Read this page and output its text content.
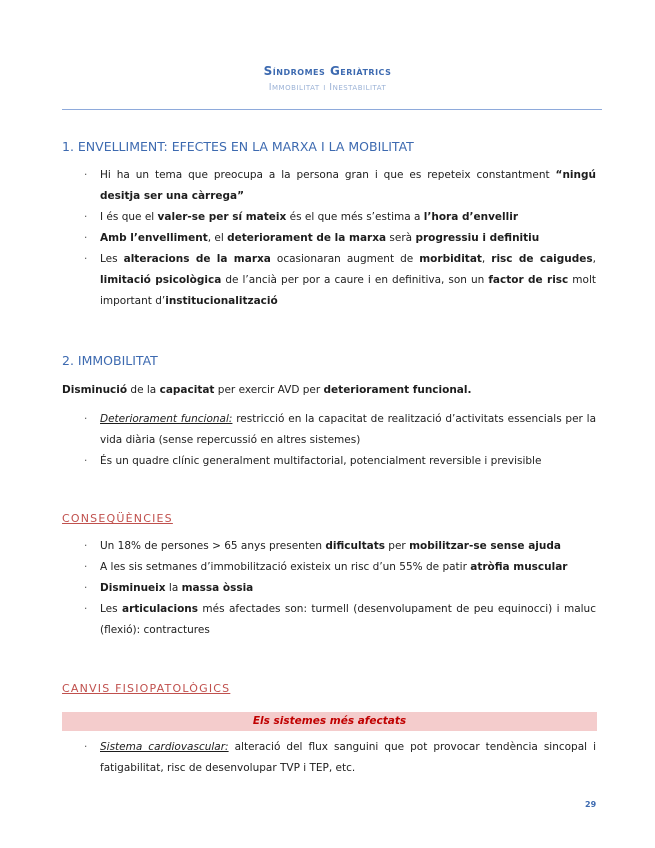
Síndromes Geriàtrics
Immobilitat i Inestabilitat
1. ENVELLIMENT: EFECTES EN LA MARXA I LA MOBILITAT
· Hi ha un tema que preocupa a la persona gran i que es repeteix constantment “ningú desitja ser una càrrega”
· I és que el valer-se per sí mateix és el que més s’estima a l’hora d’envellir
· Amb l’envelliment, el deteriorament de la marxa serà progressiu i definitiu
· Les alteracions de la marxa ocasionaran augment de morbiditat, risc de caigudes, limitació psicològica de l’ancià per por a caure i en definitiva, son un factor de risc molt important d’institucionalització
2. IMMOBILITAT
Disminució de la capacitat per exercir AVD per deteriorament funcional.
· Deteriorament funcional: restricció en la capacitat de realització d’activitats essencials per la vida diària (sense repercussió en altres sistemes)
· És un quadre clínic generalment multifactorial, potencialment reversible i previsible
CONSEQÜÈNCIES
· Un 18% de persones > 65 anys presenten dificultats per mobilitzar-se sense ajuda
· A les sis setmanes d’immobilització existeix un risc d’un 55% de patir atròfia muscular
· Disminueix la massa òssia
· Les articulacions més afectades son: turmell (desenvolupament de peu equinocci) i maluc (flexió): contractures
CANVIS FISIOPATOLÒGICS
Els sistemes més afectats
· Sistema cardiovascular: alteració del flux sanguini que pot provocar tendència sincopal i fatigabilitat, risc de desenvolupar TVP i TEP, etc.
29
